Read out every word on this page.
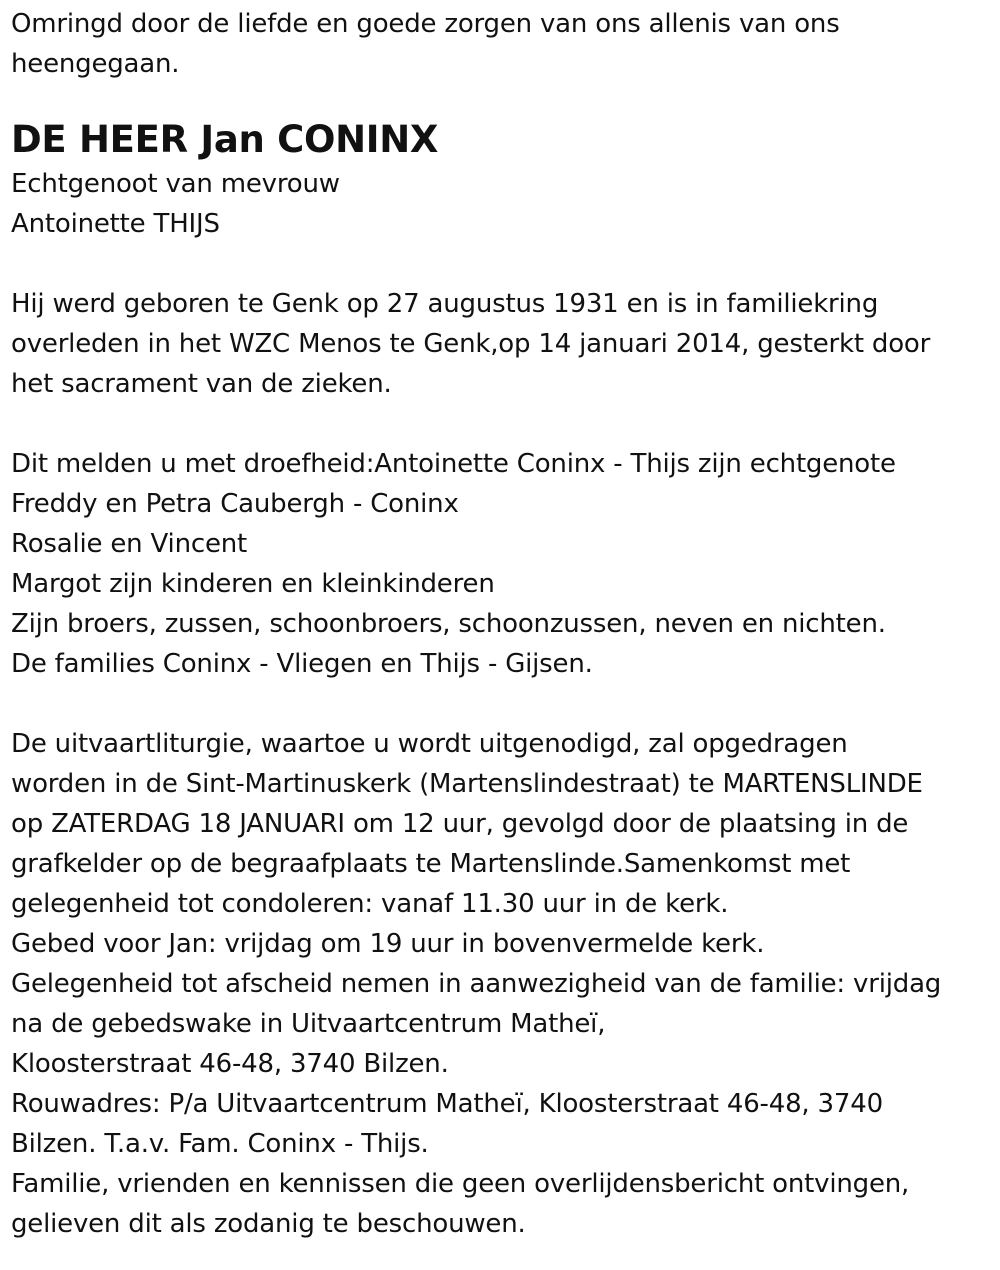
Omringd door de liefde en goede zorgen van ons allenis van ons
heengegaan.
DE HEER Jan CONINX
Echtgenoot van mevrouw
Antoinette THIJS
Hij werd geboren te Genk op 27 augustus 1931 en is in familiekring
overleden in het WZC Menos te Genk,op 14 januari 2014, gesterkt door
het sacrament van de zieken.
Dit melden u met droefheid:Antoinette Coninx - Thijs zijn echtgenote
Freddy en Petra Caubergh - Coninx
Rosalie en Vincent
Margot zijn kinderen en kleinkinderen
Zijn broers, zussen, schoonbroers, schoonzussen, neven en nichten.
De families Coninx - Vliegen en Thijs - Gijsen.
De uitvaartliturgie, waartoe u wordt uitgenodigd, zal opgedragen
worden in de Sint-Martinuskerk (Martenslindestraat) te MARTENSLINDE
op ZATERDAG 18 JANUARI om 12 uur, gevolgd door de plaatsing in de
grafkelder op de begraafplaats te Martenslinde.Samenkomst met
gelegenheid tot condoleren: vanaf 11.30 uur in de kerk.
Gebed voor Jan: vrijdag om 19 uur in bovenvermelde kerk.
Gelegenheid tot afscheid nemen in aanwezigheid van de familie: vrijdag
na de gebedswake in Uitvaartcentrum Matheï,
Kloosterstraat 46-48, 3740 Bilzen.
Rouwadres: P/a Uitvaartcentrum Matheï, Kloosterstraat 46-48, 3740
Bilzen. T.a.v. Fam. Coninx - Thijs.
Familie, vrienden en kennissen die geen overlijdensbericht ontvingen,
gelieven dit als zodanig te beschouwen.
